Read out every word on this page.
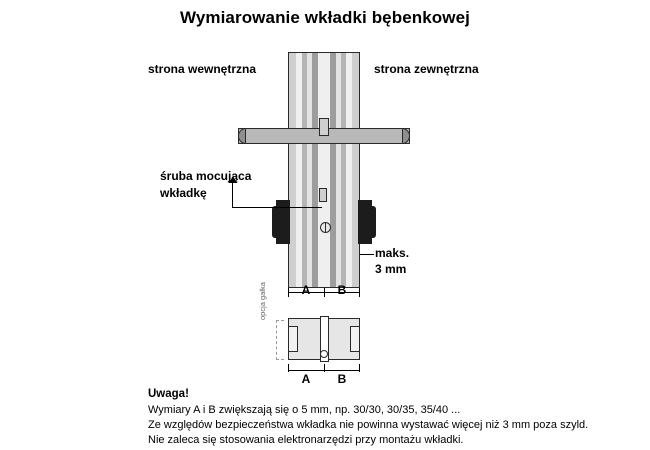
Wymiarowanie wkładki bębenkowej
strona wewnętrzna	strona zewnętrzna
śruba mocująca
wkładkę
maks.
3 mm
A	B
opcja gałka
A	B
Uwaga!
Wymiary A i B zwiększają się o 5 mm, np. 30/30, 30/35, 35/40 ...
Ze względów bezpieczeństwa wkładka nie powinna wystawać więcej niż 3 mm poza szyld.
Nie zaleca się stosowania elektronarzędzi przy montażu wkładki.
